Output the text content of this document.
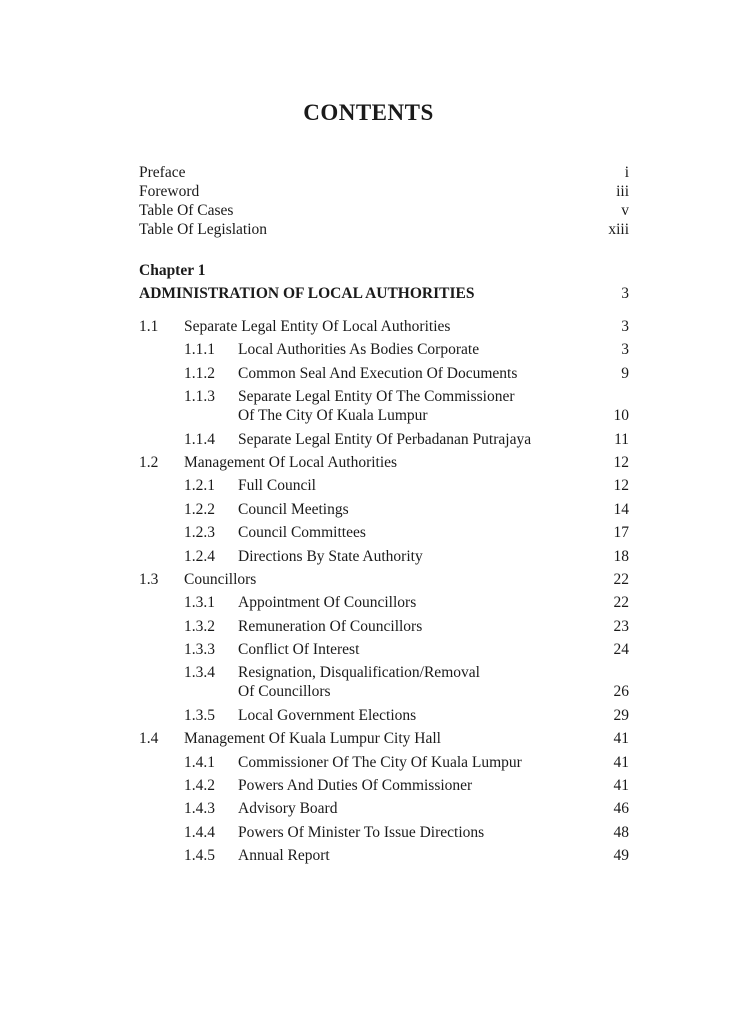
CONTENTS
Preface	i
Foreword	iii
Table Of Cases	v
Table Of Legislation	xiii
Chapter 1
ADMINISTRATION OF LOCAL AUTHORITIES	3
1.1 Separate Legal Entity Of Local Authorities	3
1.1.1 Local Authorities As Bodies Corporate	3
1.1.2 Common Seal And Execution Of Documents	9
1.1.3 Separate Legal Entity Of The Commissioner
Of The City Of Kuala Lumpur	10
1.1.4 Separate Legal Entity Of Perbadanan Putrajaya	11
1.2 Management Of Local Authorities	12
1.2.1 Full Council	12
1.2.2 Council Meetings	14
1.2.3 Council Committees	17
1.2.4 Directions By State Authority	18
1.3 Councillors	22
1.3.1 Appointment Of Councillors	22
1.3.2 Remuneration Of Councillors	23
1.3.3 Conflict Of Interest	24
1.3.4 Resignation, Disqualification/Removal
Of Councillors	26
1.3.5 Local Government Elections	29
1.4 Management Of Kuala Lumpur City Hall	41
1.4.1 Commissioner Of The City Of Kuala Lumpur	41
1.4.2 Powers And Duties Of Commissioner	41
1.4.3 Advisory Board	46
1.4.4 Powers Of Minister To Issue Directions	48
1.4.5 Annual Report	49
